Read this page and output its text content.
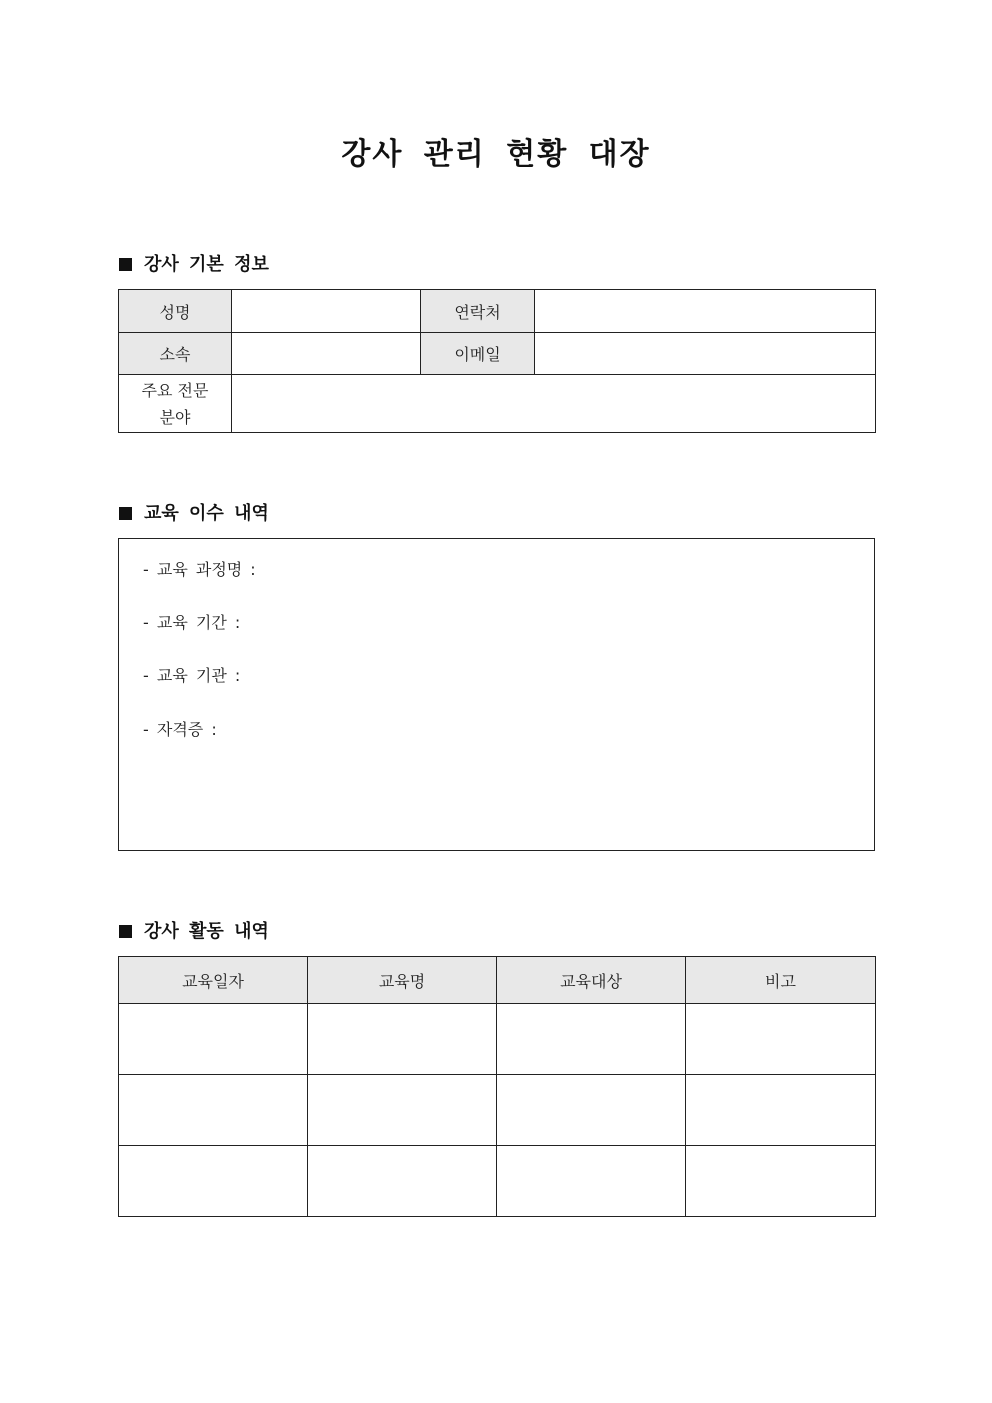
강사 관리 현황 대장
강사 기본 정보
성명		연락처	
소속		이메일	

주요 전문
분야			

교육 이수 내역
- 교육 과정명 :
- 교육 기간 :
- 교육 기관 :
- 자격증 :
강사 활동 내역
교육일자	교육명	교육대상	비고
